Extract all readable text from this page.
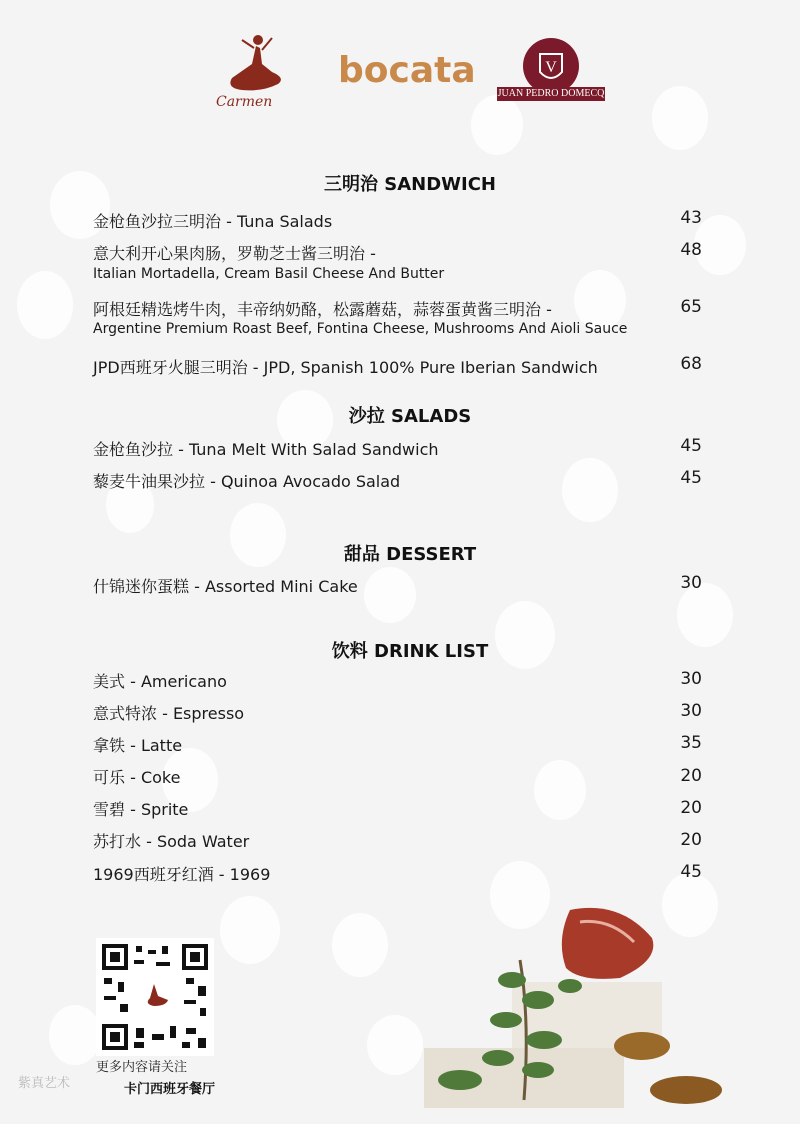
Carmen
bocata	V
JUAN PEDRO DOMECQ
三明治 SANDWICH
金枪鱼沙拉三明治 - Tuna Salads	43
意大利开心果肉肠，罗勒芝士酱三明治 -
Italian Mortadella, Cream Basil Cheese And Butter
48
阿根廷精选烤牛肉，丰帝纳奶酪，松露蘑菇，蒜蓉蛋黄酱三明治 -
Argentine Premium Roast Beef, Fontina Cheese, Mushrooms And Aioli Sauce
65
JPD西班牙火腿三明治 - JPD, Spanish 100% Pure Iberian Sandwich	68
沙拉 SALADS
金枪鱼沙拉 - Tuna Melt With Salad Sandwich	45
藜麦牛油果沙拉 - Quinoa Avocado Salad	45
甜品 DESSERT
什锦迷你蛋糕 - Assorted Mini Cake	30
饮料 DRINK LIST
美式 - Americano	30
意式特浓 - Espresso	30
拿铁 - Latte	35
可乐 - Coke	20
雪碧 - Sprite	20
苏打水 - Soda Water	20
1969西班牙红酒 - 1969	45
更多内容请关注
卡门西班牙餐厅
紫真艺术
